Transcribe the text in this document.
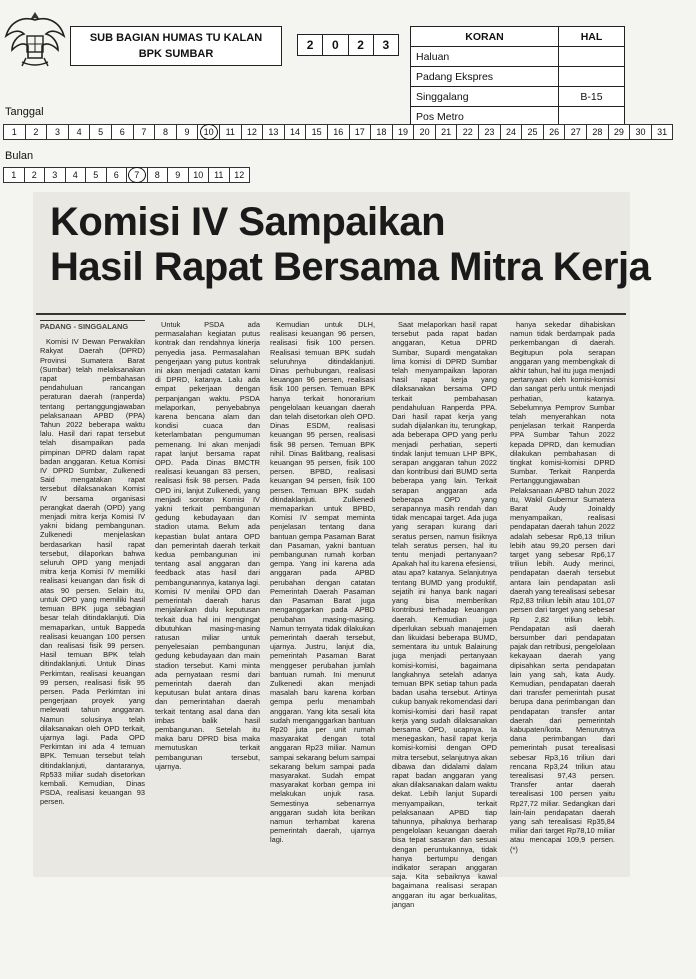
SUB BAGIAN HUMAS TU KALAN
BPK SUMBAR
2	0	2	3
KORAN	HAL
Haluan	
Padang Ekspres	
Singgalang	B-15
Pos Metro	
Tanggal
1	2	3	4	5	6	7	8	9	10	11	12	13	14	15	16	17	18	19	20	21	22	23	24	25	26	27	28	29	30	31
Bulan
1	2	3	4	5	6	7	8	9	10	11	12
Komisi IV Sampaikan
Hasil Rapat Bersama Mitra Kerja

PADANG - SINGGALANG

Komisi IV Dewan Perwakilan Rakyat Daerah (DPRD) Provinsi Sumatera Barat (Sumbar) telah melaksanakan rapat pembahasan pendahuluan rancangan peraturan daerah (ranperda) tentang pertanggungjawaban pelaksanaan APBD (PPA) Tahun 2022 beberapa waktu lalu. Hasil dari rapat tersebut telah disampaikan pada pimpinan DPRD dalam rapat badan anggaran. Ketua Komisi IV DPRD Sumbar, Zulkenedi Said mengatakan rapat tersebut dilaksanakan Komisi IV bersama organisasi perangkat daerah (OPD) yang menjadi mitra kerja Komisi IV yakni bidang pembangunan. Zulkenedi menjelaskan berdasarkan hasil rapat tersebut, dilaporkan bahwa seluruh OPD yang menjadi mitra kerja Komisi IV memiliki realisasi keuangan dan fisik di atas 90 persen. Selain itu, untuk OPD yang memiliki hasil temuan BPK juga sebagian besar telah ditindaklanjuti. Dia memaparkan, untuk Bappeda realisasi keuangan 100 persen dan realisasi fisik 99 persen. Hasil temuan BPK telah ditindaklanjuti. Untuk Dinas Perkimtan, realisasi keuangan 99 persen, realisasi fisik 95 persen. Pada Perkimtan ini pengerjaan proyek yang melewati tahun anggaran. Namun solusinya telah dilaksanakan oleh OPD terkait, ujarnya lagi. Pada OPD Perkimtan ini ada 4 temuan BPK. Temuan tersebut telah ditindaklanjuti, dantaranya, Rp533 miliar sudah disetorkan kembali. Kemudian, Dinas PSDA, realisasi keuangan 93 persen.

Untuk PSDA ada permasalahan kegiatan putus kontrak dan rendahnya kinerja penyedia jasa. Permasalahan pengerjaan yang putus kontrak ini akan menjadi catatan kami di DPRD, katanya. Lalu ada empat pekerjaan dengan perpanjangan waktu. PSDA melaporkan, penyebabnya karena bencana alam dan kondisi cuaca dan keterlambatan pengumuman pemenang. Ini akan menjadi rapat lanjut bersama rapat OPD. Pada Dinas BMCTR realisasi keuangan 83 persen, realisasi fisik 98 persen. Pada OPD ini, lanjut Zulkenedi, yang menjadi sorotan Komisi IV yakni terkait pembangunan gedung kebudayaan dan stadion utama. Belum ada kepastian bulat antara OPD dan pemerintah daerah terkait kedua pembangunan ini tentang asal anggaran dan feedback atas hasil dari pembangunannya, katanya lagi. Komisi IV menilai OPD dan pemerintah daerah harus menjalankan dulu keputusan terkait dua hal ini mengingat dibutuhkan masing-masing ratusan miliar untuk penyelesaian pembangunan gedung kebudayaan dan main stadion tersebut. Kami minta ada pernyataan resmi dari pemerintah daerah dan keputusan bulat antara dinas dan pemerintahan daerah terkait tentang asal dana dan imbas balik hasil pembangunan. Setelah itu maka baru DPRD bisa maka memutuskan terkait pembangunan tersebut, ujarnya.

Kemudian untuk DLH, realisasi keuangan 96 persen, realisasi fisik 100 persen. Realisasi temuan BPK sudah seluruhnya ditindaklanjuti. Dinas perhubungan, realisasi keuangan 96 persen, realisasi fisik 100 persen. Temuan BPK hanya terkait honorarium pengelolaan keuangan daerah dan telah disetorkan oleh OPD. Dinas ESDM, realisasi keuangan 95 persen, realisasi fisik 98 persen. Temuan BPK nihil. Dinas Balitbang, realisasi keuangan 95 persen, fisik 100 persen. BPBD, realisasi keuangan 94 persen, fisik 100 persen. Temuan BPK sudah ditindaklanjuti. Zulkenedi memaparkan untuk BPBD, Komisi IV sempat meminta penjelasan tentang dana bantuan gempa Pasaman Barat dan Pasaman, yakni bantuan pembangunan rumah korban gempa. Yang ini karena ada anggaran pada APBD perubahan dengan catatan Pemerintah Daerah Pasaman dan Pasaman Barat juga menganggarkan pada APBD perubahan masing-masing. Namun ternyata tidak dilakukan pemerintah daerah tersebut, ujarnya. Justru, lanjut dia, pemerintah Pasaman Barat menggeser perubahan jumlah bantuan rumah. Ini menurut Zulkenedi akan menjadi masalah baru karena korban gempa perlu menambah anggaran. Yang kita sesali kita sudah menganggarkan bantuan Rp20 juta per unit rumah masyarakat dengan total anggaran Rp23 miliar. Namun sampai sekarang belum sampai sekarang belum sampai pada masyarakat. Sudah empat masyarakat korban gempa ini melakukan unjuk rasa. Semestinya sebenarnya anggaran sudah kita berikan namun terhambat karena pemerintah daerah, ujarnya lagi.

Saat melaporkan hasil rapat tersebut pada rapat badan anggaran, Ketua DPRD Sumbar, Supardi mengatakan lima komisi di DPRD Sumbar telah menyampaikan laporan hasil rapat kerja yang dilaksanakan bersama OPD terkait pembahasan pendahuluan Ranperda PPA. Dari hasil rapat kerja yang sudah dijalankan itu, terungkap, ada beberapa OPD yang perlu menjadi perhatian, seperti tindak lanjut temuan LHP BPK, serapan anggaran tahun 2022 dan kontribusi dari BUMD serta beberapa yang lain. Terkait serapan anggaran ada beberapa OPD yang serapannya masih rendah dan tidak mencapai target. Ada juga yang serapan kurang dari seratus persen, namun fisiknya telah seratus persen, hal itu tentu menjadi pertanyaan? Apakah hal itu karena efesiensi, atau apa? katanya. Selanjutnya tentang BUMD yang produktif, sejatih ini hanya bank nagari yang bisa memberikan kontribusi terhadap keuangan daerah. Kemudian juga diperlukan sebuah manajemen dan likuidasi beberapa BUMD, sementara itu untuk Balairung juga menjadi pertanyaan komisi-komisi, bagaimana langkahnya setelah adanya temuan BPK setiap tahun pada badan usaha tersebut. Artinya cukup banyak rekomendasi dari komisi-komisi dari hasil rapat kerja yang sudah dilaksanakan bersama OPD, ucapnya. Ia menegaskan, hasil rapat kerja komisi-komisi dengan OPD mitra tersebut, selanjutnya akan dibawa dan didalami dalam rapat badan anggaran yang akan dilaksanakan dalam waktu dekat. Lebih lanjut Supardi menyampaikan, terkait pelaksanaan APBD tiap tahunnya, pihaknya berharap pengelolaan keuangan daerah bisa tepat sasaran dan sesuai dengan peruntukannya, tidak hanya bertumpu dengan indikator serapan anggaran saja. Kita sebaiknya kawal bagaimana realisasi serapan anggaran itu agar berkualitas, jangan

hanya sekedar dihabiskan namun tidak berdampak pada perkembangan di daerah. Begitupun pola serapan anggaran yang membengkak di akhir tahun, hal itu juga menjadi pertanyaan oleh komisi-komisi dan sangat perlu untuk menjadi perhatian, katanya. Sebelumnya Pemprov Sumbar telah menyerahkan nota penjelasan terkait Ranperda PPA Sumbar Tahun 2022 kepada DPRD, dan kemudian dilakukan pembahasan di tingkat komisi-komisi DPRD Sumbar. Terkait Ranperda Pertanggungjawaban Pelaksanaan APBD tahun 2022 itu, Wakil Gubernur Sumatera Barat Audy Joinaldy menyampaikan, realisasi pendapatan daerah tahun 2022 adalah sebesar Rp6,13 triliun lebih atau 99,20 persen dari target yang sebesar Rp6,17 triliun lebih. Audy merinci, pendapatan daerah tersebut antara lain pendapatan asli daerah yang terealisasi sebesar Rp2,83 triliun lebih atau 101,07 persen dari target yang sebesar Rp 2,82 triliun lebih. Pendapatan asli daerah bersumber dari pendapatan pajak dan retribusi, pengelolaan kekayaan daerah yang dipisahkan serta pendapatan lain yang sah, kata Audy. Kemudian, pendapatan daerah dari transfer pemerintah pusat berupa dana perimbangan dan pendapatan transfer antar daerah dari pemerintah kabupaten/kota. Menurutnya dana perimbangan dari pemerintah pusat terealisasi sebesar Rp3,16 triliun dari rencana Rp3,24 triliun atau terealisasi 97,43 persen. Transfer antar daerah terealisasi 100 persen yaitu Rp27,72 miliar. Sedangkan dari lain-lain pendapatan daerah yang sah terealisasi Rp35,84 miliar dari target Rp78,10 miliar atau mencapai 109,9 persen. (*)
